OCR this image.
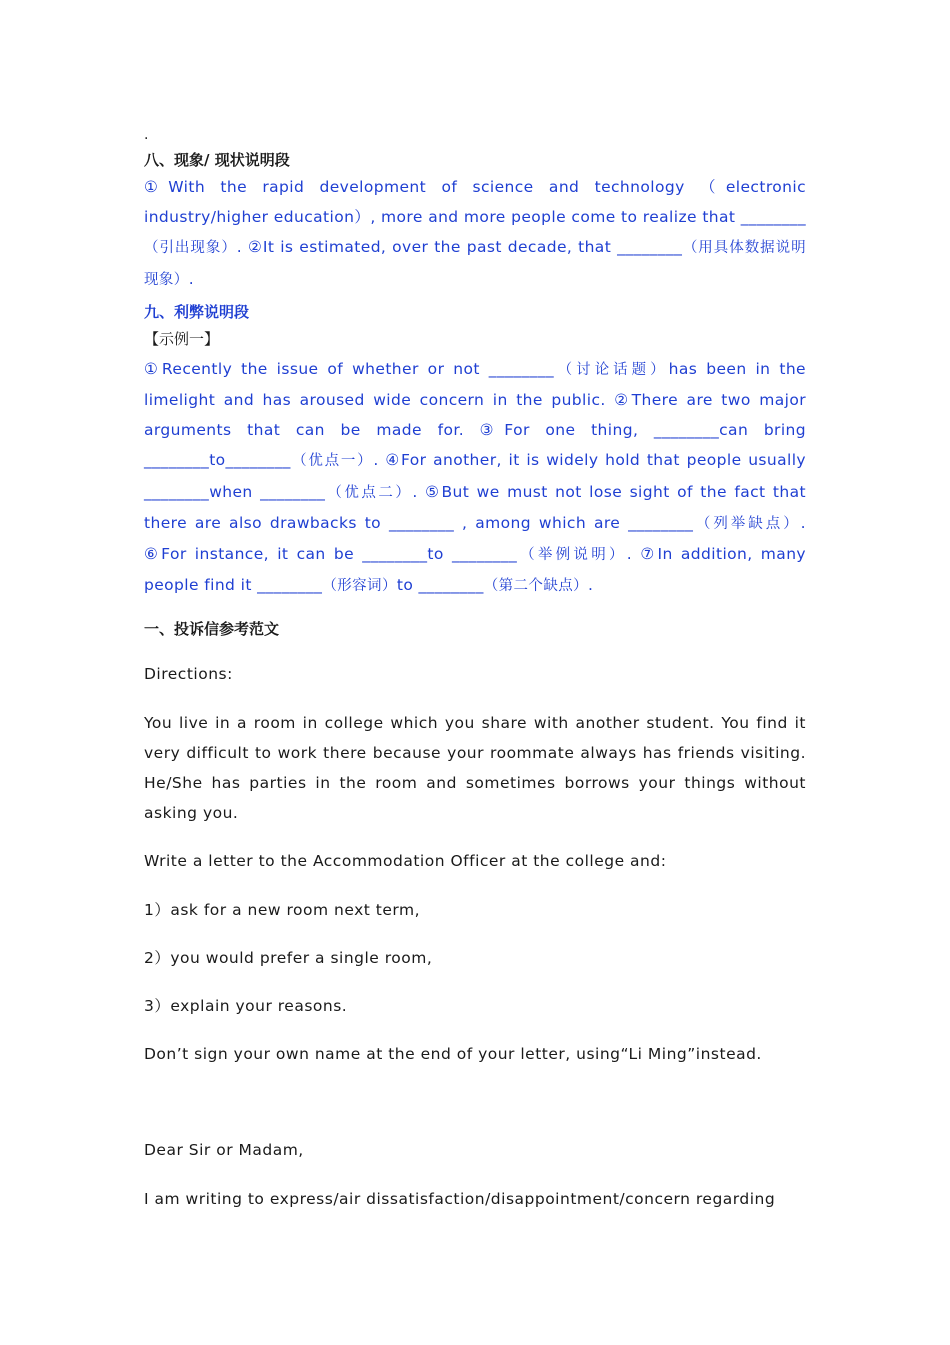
.
八、现象/ 现状说明段

①With the rapid development of science and technology （electronic industry/higher education）, more and more people come to realize that ________（引出现象）. ②It is estimated, over the past decade, that ________（用具体数据说明现象）.

九、利弊说明段
【示例一】

①Recently the issue of whether or not ________（讨论话题）has been in the limelight and has aroused wide concern in the public. ②There are two major arguments that can be made for. ③For one thing, ________can bring ________to________（优点一）. ④For another, it is widely hold that people usually ________when ________（优点二）. ⑤But we must not lose sight of the fact that there are also drawbacks to ________ , among which are ________（列举缺点）. ⑥For instance, it can be ________to ________（举例说明）. ⑦In addition, many people find it ________（形容词）to ________（第二个缺点）.

一、投诉信参考范文

Directions:

You live in a room in college which you share with another student. You find it very difficult to work there because your roommate always has friends visiting. He/She has parties in the room and sometimes borrows your things without asking you.

Write a letter to the Accommodation Officer at the college and:

1）ask for a new room next term,

2）you would prefer a single room,

3）explain your reasons.

Don’t sign your own name at the end of your letter, using“Li Ming”instead.

Dear Sir or Madam,

I am writing to express/air dissatisfaction/disappointment/concern regarding
